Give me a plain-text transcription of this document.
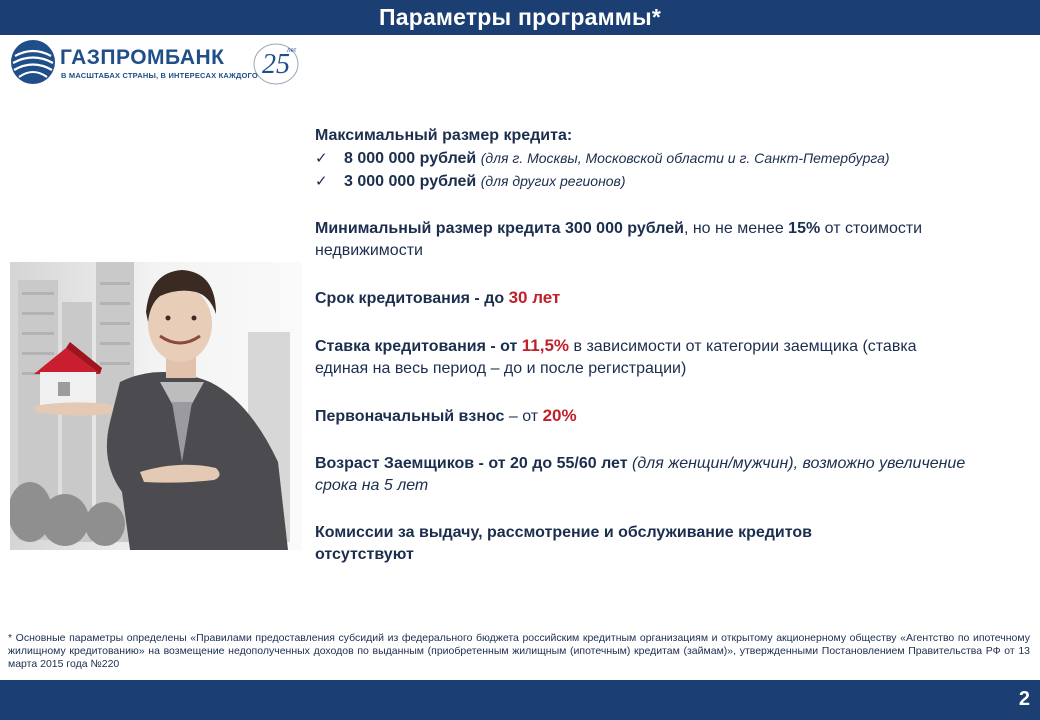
Параметры программы*
25
лет
ГАЗПРОМБАНК
В МАСШТАБАХ СТРАНЫ, В ИНТЕРЕСАХ КАЖДОГО

Максимальный размер кредита:

✓	8 000 000 рублей (для г. Москвы, Московской области и г. Санкт-Петербурга)
✓	3 000 000 рублей (для других регионов)

Минимальный размер кредита 300 000 рублей, но не менее 15% от стоимости недвижимости

Срок кредитования - до 30 лет

Ставка кредитования - от 11,5% в зависимости от категории заемщика (ставка единая на весь период – до и после регистрации)

Первоначальный взнос – от 20%

Возраст Заемщиков - от 20 до 55/60 лет (для женщин/мужчин), возможно увеличение срока на 5 лет

Комиссии за выдачу, рассмотрение и обслуживание кредитов отсутствуют

* Основные параметры определены «Правилами предоставления субсидий из федерального бюджета российским кредитным организациям и открытому акционерному обществу «Агентство по ипотечному жилищному кредитованию» на возмещение недополученных доходов по выданным (приобретенным жилищным (ипотечным) кредитам (займам)», утвержденными Постановлением Правительства РФ от 13 марта 2015 года №220

2
